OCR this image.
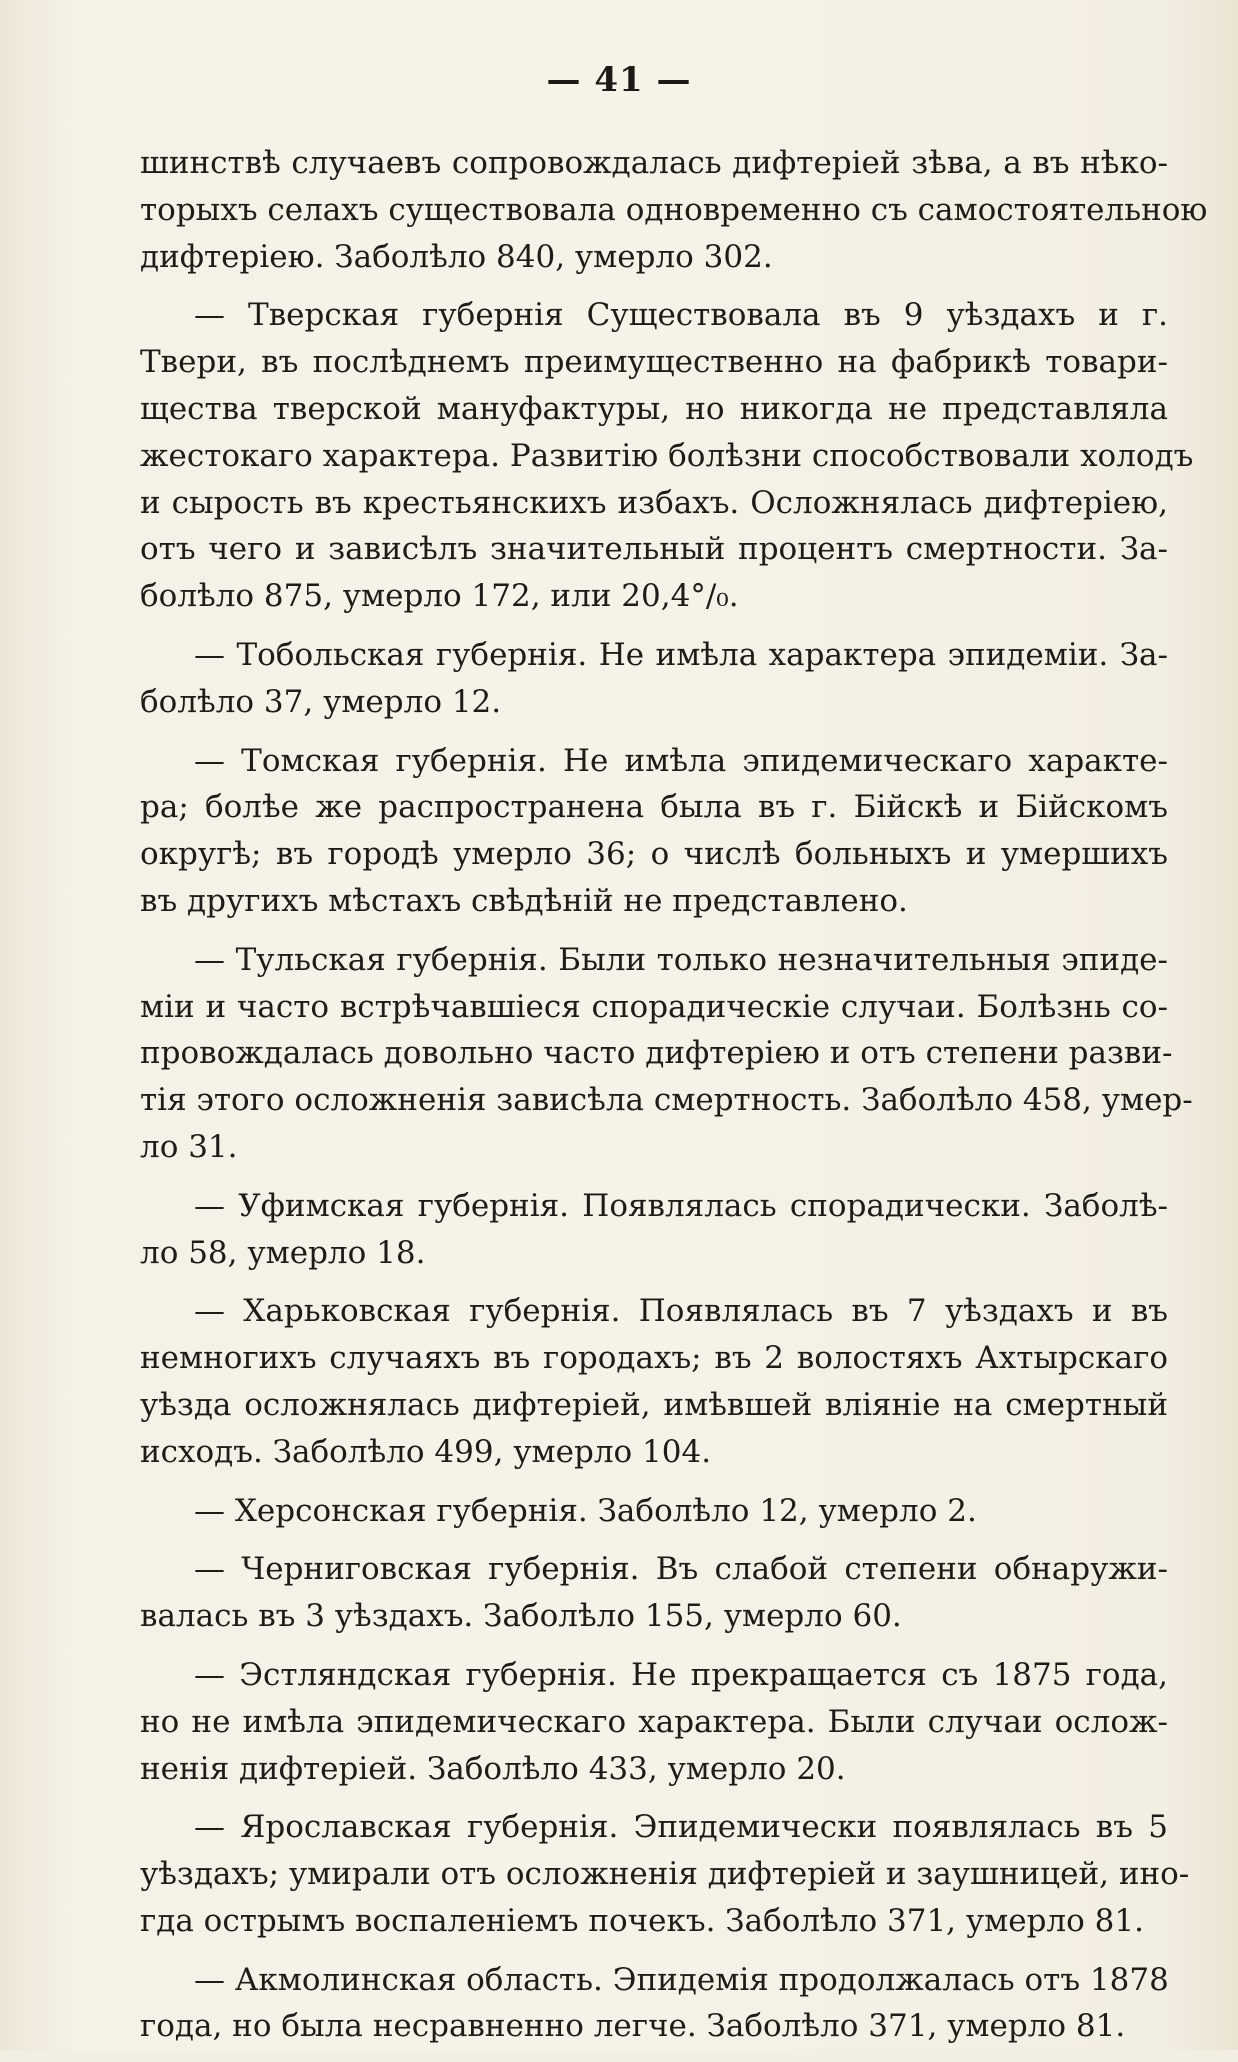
— 41 —
шинствѣ случаевъ сопровождалась дифтеріей зѣва, а въ нѣко-
торыхъ селахъ существовала одновременно съ самостоятельною
дифтеріею. Заболѣло 840, умерло 302.
— Тверская губернія Существовала въ 9 уѣздахъ и г.
Твери, въ послѣднемъ преимущественно на фабрикѣ товари-
щества тверской мануфактуры, но никогда не представляла
жестокаго характера. Развитію болѣзни способствовали холодъ
и сырость въ крестьянскихъ избахъ. Осложнялась дифтеріею,
отъ чего и зависѣлъ значительный процентъ смертности. За-
болѣло 875, умерло 172, или 20,4°/₀.
— Тобольская губернія. Не имѣла характера эпидеміи. За-
болѣло 37, умерло 12.
— Томская губернія. Не имѣла эпидемическаго характе-
ра; болѣе же распространена была въ г. Бійскѣ и Бійскомъ
округѣ; въ городѣ умерло 36; о числѣ больныхъ и умершихъ
въ другихъ мѣстахъ свѣдѣній не представлено.
— Тульская губернія. Были только незначительныя эпиде-
міи и часто встрѣчавшіеся спорадическіе случаи. Болѣзнь со-
провождалась довольно часто дифтеріею и отъ степени разви-
тія этого осложненія зависѣла смертность. Заболѣло 458, умер-
ло 31.
— Уфимская губернія. Появлялась спорадически. Заболѣ-
ло 58, умерло 18.
— Харьковская губернія. Появлялась въ 7 уѣздахъ и въ
немногихъ случаяхъ въ городахъ; въ 2 волостяхъ Ахтырскаго
уѣзда осложнялась дифтеріей, имѣвшей вліяніе на смертный
исходъ. Заболѣло 499, умерло 104.
— Херсонская губернія. Заболѣло 12, умерло 2.
— Черниговская губернія. Въ слабой степени обнаружи-
валась въ 3 уѣздахъ. Заболѣло 155, умерло 60.
— Эстляндская губернія. Не прекращается съ 1875 года,
но не имѣла эпидемическаго характера. Были случаи ослож-
ненія дифтеріей. Заболѣло 433, умерло 20.
— Ярославская губернія. Эпидемически появлялась въ 5
уѣздахъ; умирали отъ осложненія дифтеріей и заушницей, ино-
гда острымъ воспаленіемъ почекъ. Заболѣло 371, умерло 81.
— Акмолинская область. Эпидемія продолжалась отъ 1878
года, но была несравненно легче. Заболѣло 371, умерло 81.
